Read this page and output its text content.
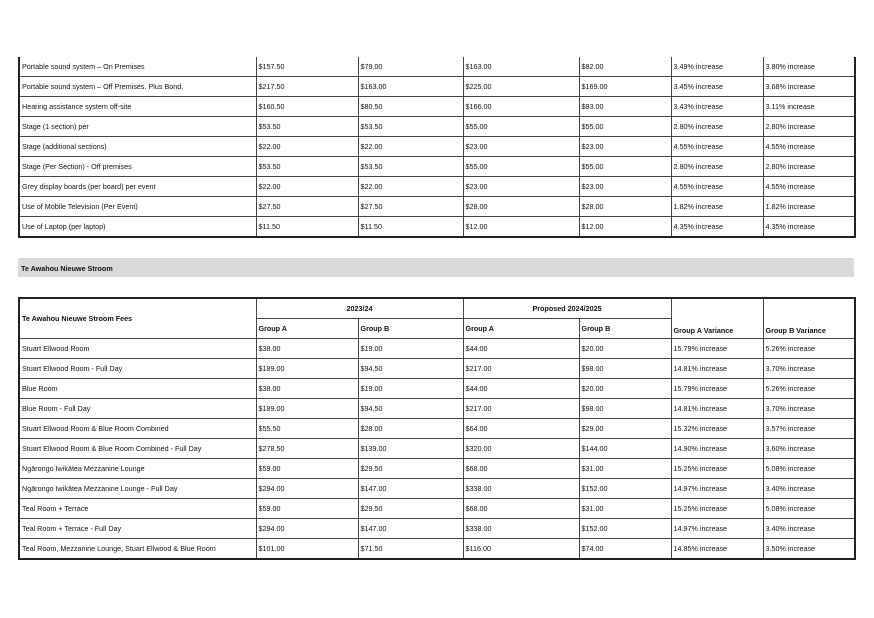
Portable sound system – On Premises	$157.50	$79.00	$163.00	$82.00	3.49% increase	3.80% increase
Portable sound system – Off Premises. Plus Bond.	$217.50	$163.00	$225.00	$169.00	3.45% increase	3.68% increase
Hearing assistance system off-site	$160.50	$80.50	$166.00	$83.00	3.43% increase	3.11% increase
Stage (1 section) per	$53.50	$53.50	$55.00	$55.00	2.80% increase	2.80% increase
Stage (additional sections)	$22.00	$22.00	$23.00	$23.00	4.55% increase	4.55% increase
Stage (Per Section) - Off premises	$53.50	$53.50	$55.00	$55.00	2.80% increase	2.80% increase
Grey display boards (per board) per event	$22.00	$22.00	$23.00	$23.00	4.55% increase	4.55% increase
Use of Mobile Television (Per Event)	$27.50	$27.50	$28.00	$28.00	1.82% increase	1.82% increase
Use of Laptop (per laptop)	$11.50	$11.50	$12.00	$12.00	4.35% increase	4.35% increase
Te Awahou Nieuwe Stroom
Te Awahou Nieuwe Stroom Fees	2023/24		Proposed 2024/2025		Group A Variance	Group B Variance
	Group A	Group B	Group A	Group B		
Stuart Ellwood Room	$38.00	$19.00	$44.00	$20.00	15.79% increase	5.26% increase
Stuart Ellwood Room - Full Day	$189.00	$94.50	$217.00	$98.00	14.81% increase	3.70% increase
Blue Room	$38.00	$19.00	$44.00	$20.00	15.79% increase	5.26% increase
Blue Room - Full Day	$189.00	$94.50	$217.00	$98.00	14.81% increase	3.70% increase
Stuart Ellwood Room & Blue Room Combined	$55.50	$28.00	$64.00	$29.00	15.32% increase	3.57% increase
Stuart Ellwood Room & Blue Room Combined - Full Day	$278.50	$139.00	$320.00	$144.00	14.90% increase	3.60% increase
Ngārongo Iwikātea Mezzanine Lounge	$59.00	$29.50	$68.00	$31.00	15.25% increase	5.08% increase
Ngārongo Iwikātea Mezzanine Lounge - Full Day	$294.00	$147.00	$338.00	$152.00	14.97% increase	3.40% increase
Teal Room + Terrace	$59.00	$29.50	$68.00	$31.00	15.25% increase	5.08% increase
Teal Room + Terrace - Full Day	$294.00	$147.00	$338.00	$152.00	14.97% increase	3.40% increase
Teal Room, Mezzanine Lounge, Stuart Ellwood & Blue Room	$101.00	$71.50	$116.00	$74.00	14.85% increase	3.50% increase
